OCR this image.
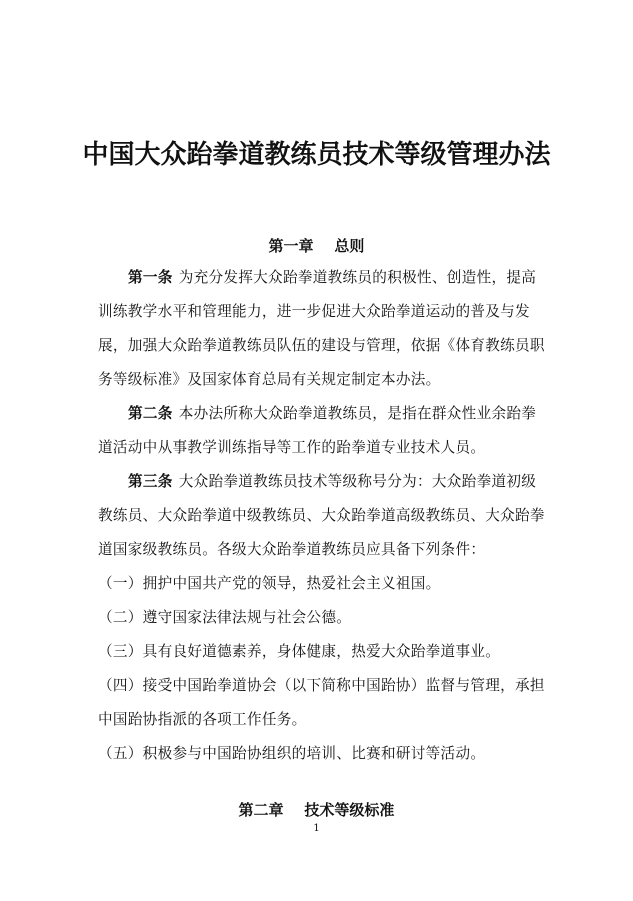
中国大众跆拳道教练员技术等级管理办法
第一章    总则
第一条 为充分发挥大众跆拳道教练员的积极性、创造性，提高
训练教学水平和管理能力，进一步促进大众跆拳道运动的普及与发
展，加强大众跆拳道教练员队伍的建设与管理，依据《体育教练员职
务等级标准》及国家体育总局有关规定制定本办法。
第二条 本办法所称大众跆拳道教练员，是指在群众性业余跆拳
道活动中从事教学训练指导等工作的跆拳道专业技术人员。
第三条 大众跆拳道教练员技术等级称号分为：大众跆拳道初级
教练员、大众跆拳道中级教练员、大众跆拳道高级教练员、大众跆拳
道国家级教练员。各级大众跆拳道教练员应具备下列条件：
（一）拥护中国共产党的领导，热爱社会主义祖国。
（二）遵守国家法律法规与社会公德。
（三）具有良好道德素养，身体健康，热爱大众跆拳道事业。
（四）接受中国跆拳道协会（以下简称中国跆协）监督与管理，承担
中国跆协指派的各项工作任务。
（五）积极参与中国跆协组织的培训、比赛和研讨等活动。
第二章    技术等级标准
1
